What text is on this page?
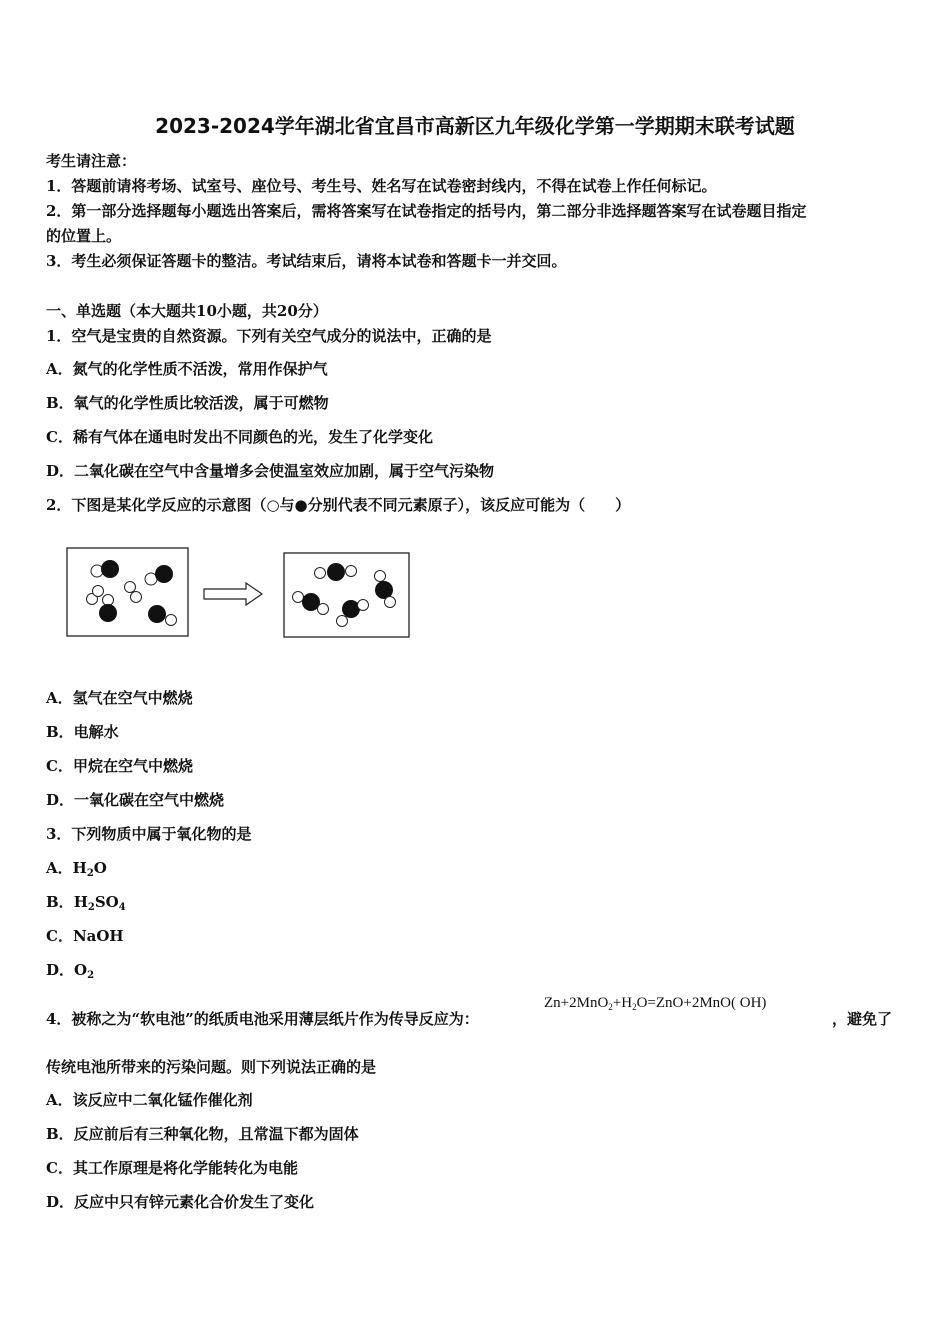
2023-2024学年湖北省宜昌市高新区九年级化学第一学期期末联考试题
考生请注意：
1．答题前请将考场、试室号、座位号、考生号、姓名写在试卷密封线内，不得在试卷上作任何标记。
2．第一部分选择题每小题选出答案后，需将答案写在试卷指定的括号内，第二部分非选择题答案写在试卷题目指定
的位置上。
3．考生必须保证答题卡的整洁。考试结束后，请将本试卷和答题卡一并交回。
一、单选题（本大题共10小题，共20分）
1．空气是宝贵的自然资源。下列有关空气成分的说法中，正确的是
A．氮气的化学性质不活泼，常用作保护气
B．氧气的化学性质比较活泼，属于可燃物
C．稀有气体在通电时发出不同颜色的光，发生了化学变化
D．二氧化碳在空气中含量增多会使温室效应加剧，属于空气污染物
2．下图是某化学反应的示意图（○与●分别代表不同元素原子），该反应可能为（　　）
A．氢气在空气中燃烧
B．电解水
C．甲烷在空气中燃烧
D．一氧化碳在空气中燃烧
3．下列物质中属于氧化物的是
A．$H_2O$
B．$H_2SO_4$
C．NaOH
D．$O_2$
4．被称之为“软电池”的纸质电池采用薄层纸片作为传导反应为：
$Zn+2MnO_2+H_2O=ZnO+2MnO$( OH)
，避免了
传统电池所带来的污染问题。则下列说法正确的是
A．该反应中二氧化锰作催化剂
B．反应前后有三种氧化物，且常温下都为固体
C．其工作原理是将化学能转化为电能
D．反应中只有锌元素化合价发生了变化
